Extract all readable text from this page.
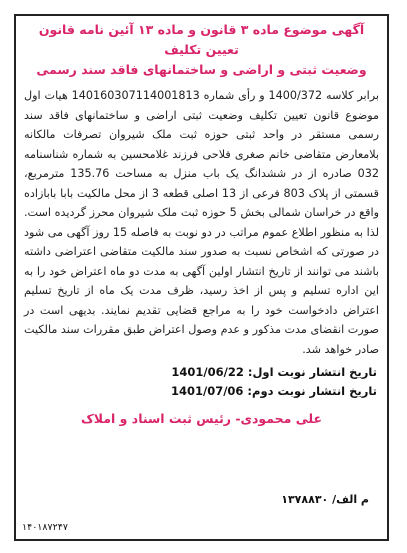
آگهی موضوع ماده ۳ قانون و ماده ۱۳ آئین نامه قانون تعیین تکلیف
وضعیت ثبتی و اراضی و ساختمانهای فاقد سند رسمی
برابر کلاسه 1400/372 و رأی شماره 140160307114001813 هیات اول موضوع قانون تعیین تکلیف وضعیت ثبتی اراضی و ساختمانهای فاقد سند رسمی مستقر در واحد ثبتی حوزه ثبت ملک شیروان تصرفات مالکانه بلامعارض متقاضی خانم صغری فلاحی فرزند غلامحسین به شماره شناسنامه 032 صادره از در ششدانگ یک باب منزل به مساحت 135.76 مترمربع، قسمتی از پلاک 803 فرعی از 13 اصلی قطعه 3 از محل مالکیت بابا بابازاده واقع در خراسان شمالی بخش 5 حوزه ثبت ملک شیروان محرز گردیده است. لذا به منظور اطلاع عموم مراتب در دو نوبت به فاصله 15 روز آگهی می شود در صورتی که اشخاص نسبت به صدور سند مالکیت متقاضی اعتراضی داشته باشند می توانند از تاریخ انتشار اولین آگهی به مدت دو ماه اعتراض خود را به این اداره تسلیم و پس از اخذ رسید، ظرف مدت یک ماه از تاریخ تسلیم اعتراض دادخواست خود را به مراجع قضایی تقدیم نمایند. بدیهی است در صورت انقضای مدت مذکور و عدم وصول اعتراض طبق مقررات سند مالکیت صادر خواهد شد.
تاریخ انتشار نوبت اول: 1401/06/22
تاریخ انتشار نوبت دوم: 1401/07/06
علی محمودی- رئیس ثبت اسناد و املاک
م الف/ ۱۳۷۸۸۳۰
۱۴۰۱۸۷۲۴۷
